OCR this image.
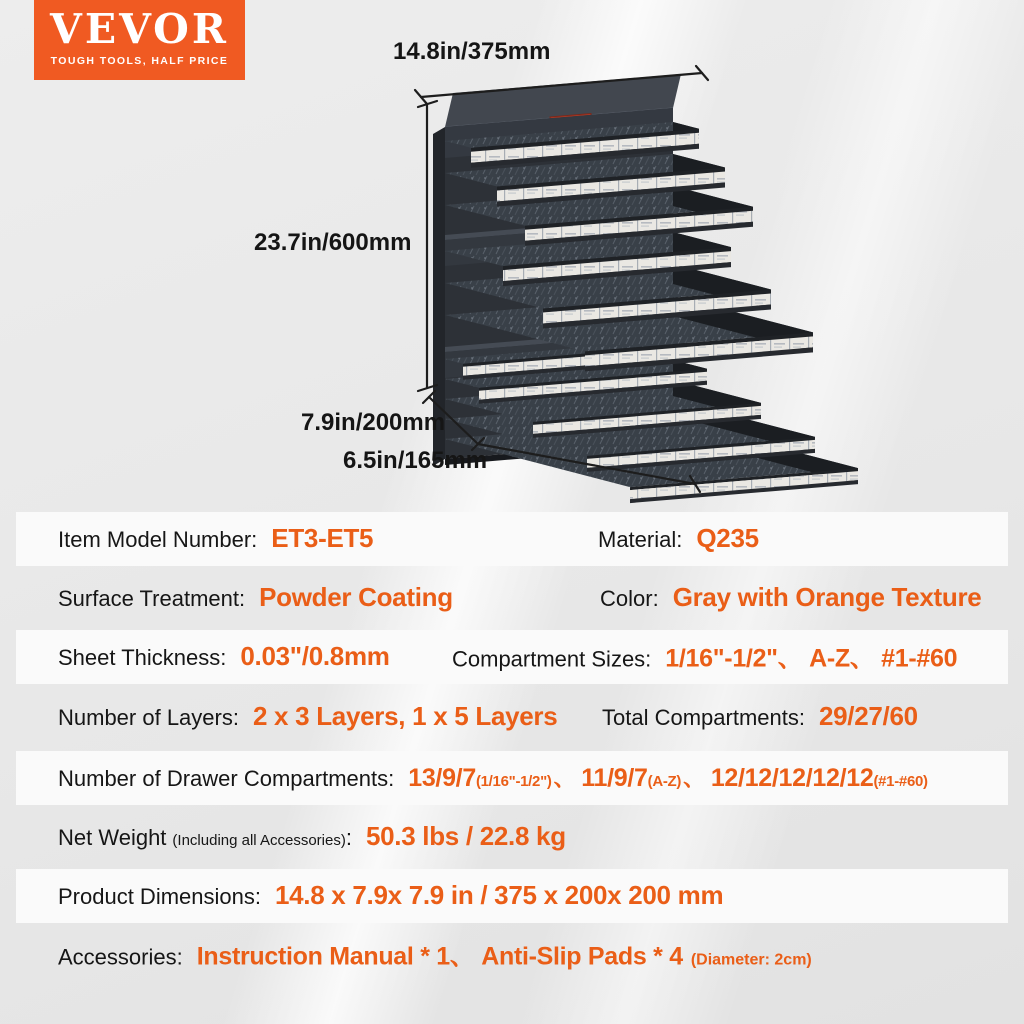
VEVOR
TOUGH TOOLS, HALF PRICE	14.8in/375mm
23.7in/600mm
7.9in/200mm
6.5in/165mm
Item Model Number: ET3-ET5	Material: Q235
Surface Treatment: Powder Coating	Color: Gray with Orange Texture
Sheet Thickness: 0.03"/0.8mm	Compartment Sizes: 1/16"-1/2"、 A-Z、 #1-#60
Number of Layers: 2 x 3 Layers, 1 x 5 Layers Total Compartments: 29/27/60
Number of Drawer Compartments: 13/9/7(1/16"-1/2")、 11/9/7(A-Z)、 12/12/12/12/12(#1-#60)
Net Weight (Including all Accessories) : 50.3 lbs / 22.8 kg
Product Dimensions: 14.8 x 7.9x 7.9 in / 375 x 200x 200 mm
Accessories: Instruction Manual * 1、 Anti-Slip Pads * 4 (Diameter: 2cm)
